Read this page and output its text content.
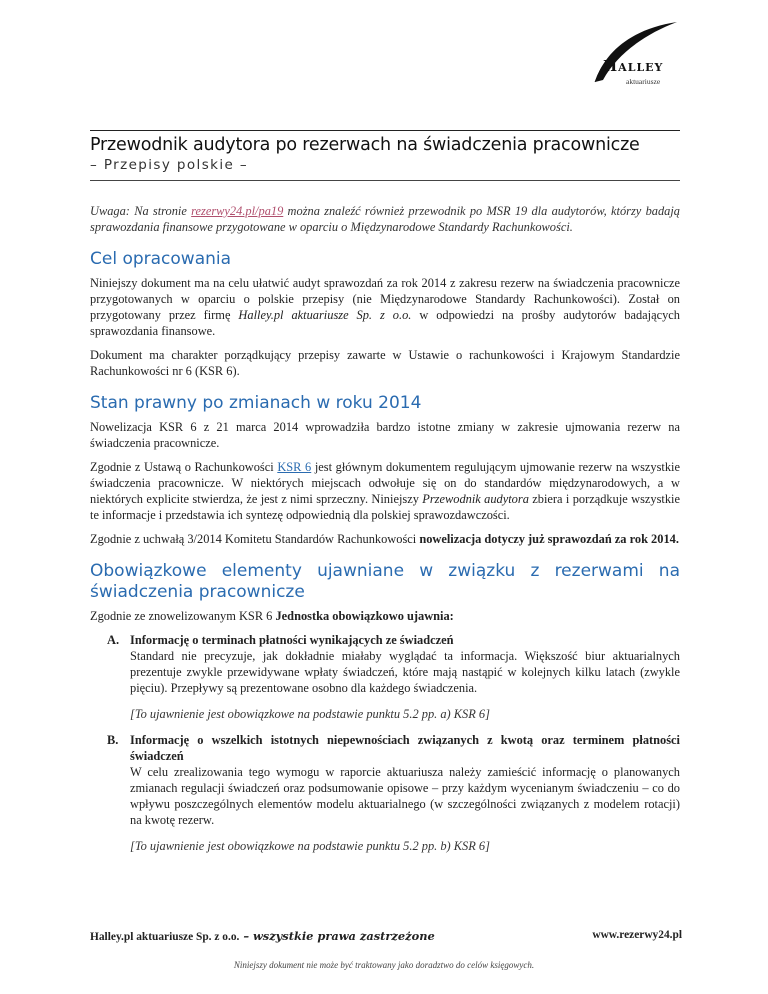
Halley
aktuariusze
Przewodnik audytora po rezerwach na świadczenia pracownicze
– Przepisy polskie –

Uwaga: Na stronie rezerwy24.pl/pa19 można znaleźć również przewodnik po MSR 19 dla audytorów, którzy badają sprawozdania finansowe przygotowane w oparciu o Międzynarodowe Standardy Rachunkowości.

Cel opracowania

Niniejszy dokument ma na celu ułatwić audyt sprawozdań za rok 2014 z zakresu rezerw na świadczenia pracownicze przygotowanych w oparciu o polskie przepisy (nie Międzynarodowe Standardy Rachunkowości). Został on przygotowany przez firmę Halley.pl aktuariusze Sp. z o.o. w odpowiedzi na prośby audytorów badających sprawozdania finansowe.

Dokument ma charakter porządkujący przepisy zawarte w Ustawie o rachunkowości i Krajowym Standardzie Rachunkowości nr 6 (KSR 6).

Stan prawny po zmianach w roku 2014

Nowelizacja KSR 6 z 21 marca 2014 wprowadziła bardzo istotne zmiany w zakresie ujmowania rezerw na świadczenia pracownicze.

Zgodnie z Ustawą o Rachunkowości KSR 6 jest głównym dokumentem regulującym ujmowanie rezerw na wszystkie świadczenia pracownicze. W niektórych miejscach odwołuje się on do standardów międzynarodowych, a w niektórych explicite stwierdza, że jest z nimi sprzeczny. Niniejszy Przewodnik audytora zbiera i porządkuje wszystkie te informacje i przedstawia ich syntezę odpowiednią dla polskiej sprawozdawczości.

Zgodnie z uchwałą 3/2014 Komitetu Standardów Rachunkowości nowelizacja dotyczy już sprawozdań za rok 2014.

Obowiązkowe elementy ujawniane w związku z rezerwami na świadczenia pracownicze

Zgodnie ze znowelizowanym KSR 6 Jednostka obowiązkowo ujawnia:

A. Informację o terminach płatności wynikających ze świadczeń
Standard nie precyzuje, jak dokładnie miałaby wyglądać ta informacja. Większość biur aktuarialnych prezentuje zwykle przewidywane wpłaty świadczeń, które mają nastąpić w kolejnych kilku latach (zwykle pięciu). Przepływy są prezentowane osobno dla każdego świadczenia.
[To ujawnienie jest obowiązkowe na podstawie punktu 5.2 pp. a) KSR 6]
B. Informację o wszelkich istotnych niepewnościach związanych z kwotą oraz terminem płatności świadczeń
W celu zrealizowania tego wymogu w raporcie aktuariusza należy zamieścić informację o planowanych zmianach regulacji świadczeń oraz podsumowanie opisowe – przy każdym wycenianym świadczeniu – co do wpływu poszczególnych elementów modelu aktuarialnego (w szczególności związanych z modelem rotacji) na kwotę rezerw.
[To ujawnienie jest obowiązkowe na podstawie punktu 5.2 pp. b) KSR 6]
Halley.pl aktuariusze Sp. z o.o. – wszystkie prawa zastrzeżone	www.rezerwy24.pl
Niniejszy dokument nie może być traktowany jako doradztwo do celów księgowych.
